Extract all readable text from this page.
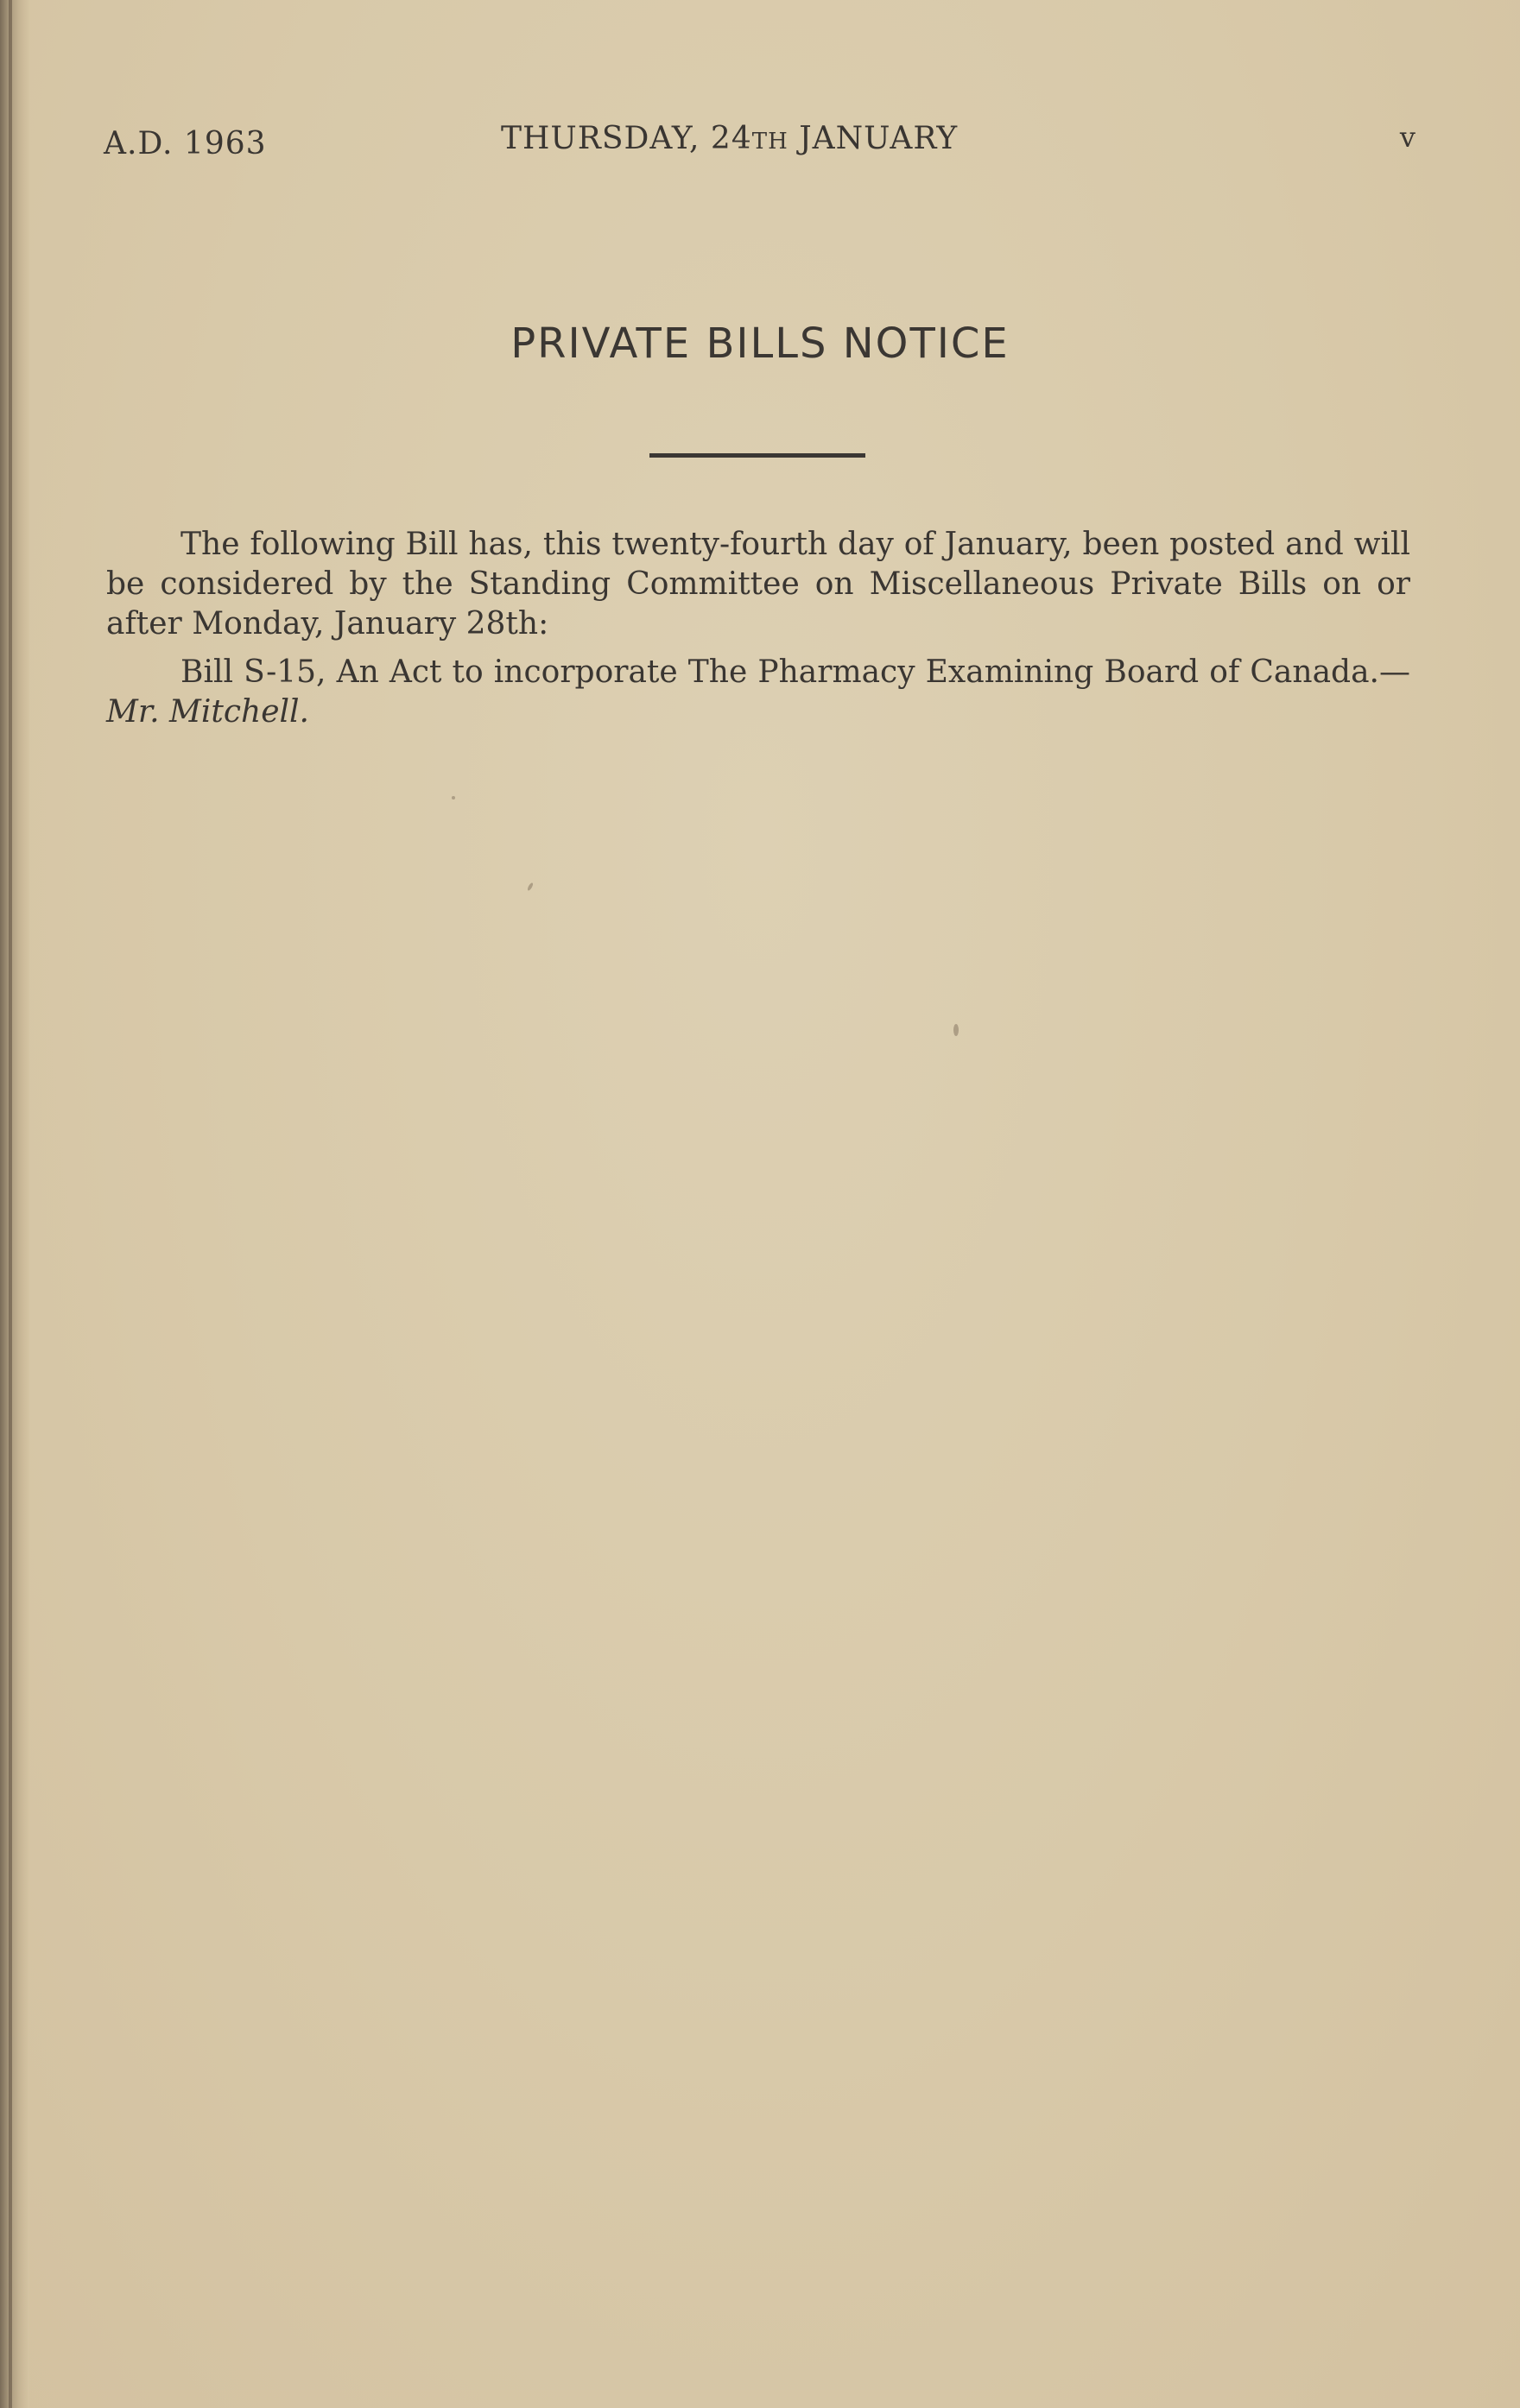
A.D. 1963	THURSDAY, 24TH JANUARY	v
PRIVATE BILLS NOTICE

The following Bill has, this twenty-fourth day of January, been posted and will be considered by the Standing Committee on Miscellaneous Private Bills on or after Monday, January 28th:

Bill S-15, An Act to incorporate The Pharmacy Examining Board of Canada.—Mr. Mitchell.
